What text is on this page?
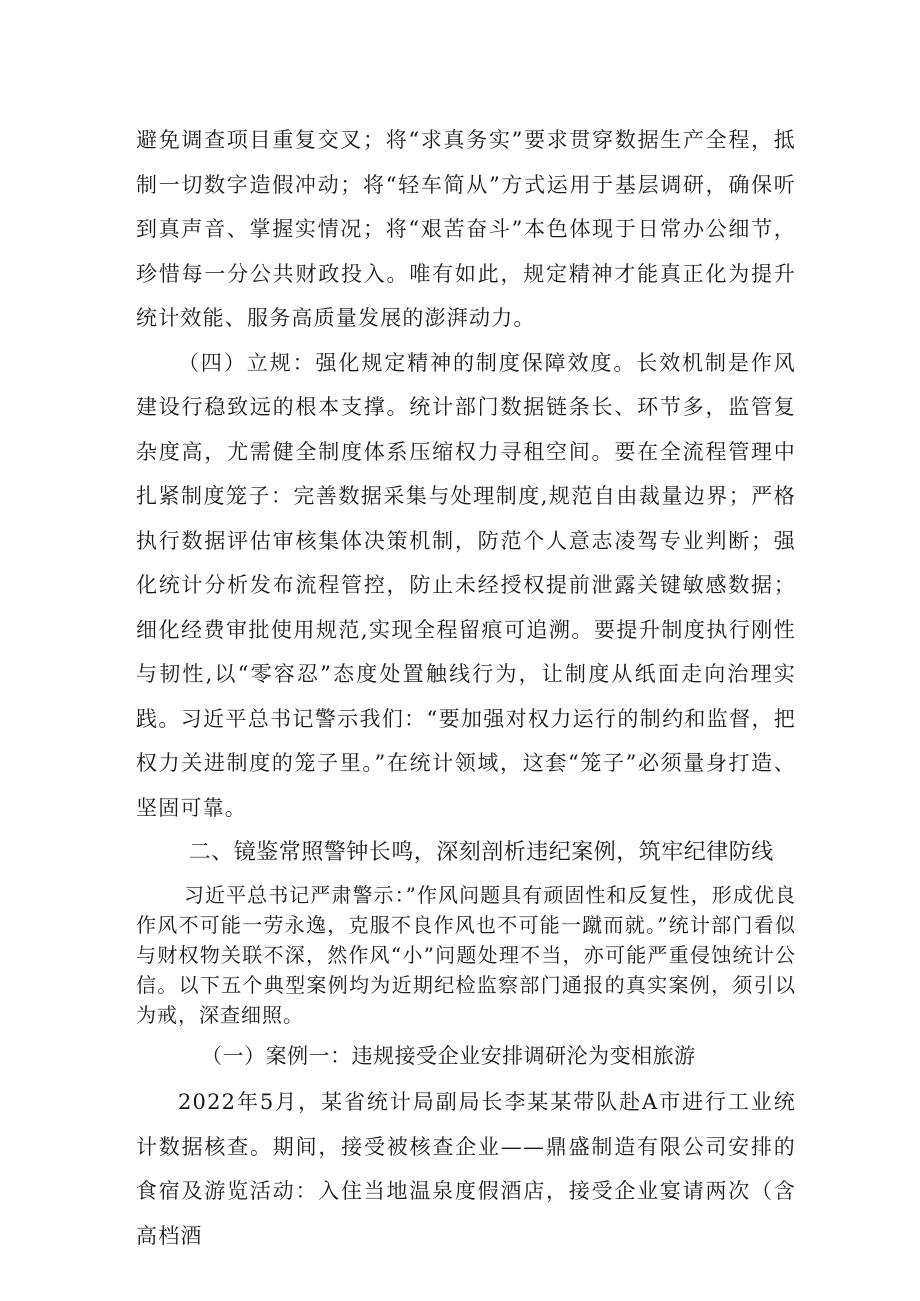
避免调查项目重复交叉；将“求真务实”要求贯穿数据生产全程，抵制一切数字造假冲动；将“轻车简从”方式运用于基层调研，确保听到真声音、掌握实情况；将“艰苦奋斗”本色体现于日常办公细节，珍惜每一分公共财政投入。唯有如此，规定精神才能真正化为提升统计效能、服务高质量发展的澎湃动力。

（四）立规：强化规定精神的制度保障效度。长效机制是作风建设行稳致远的根本支撑。统计部门数据链条长、环节多，监管复杂度高，尤需健全制度体系压缩权力寻租空间。要在全流程管理中扎紧制度笼子：完善数据采集与处理制度,规范自由裁量边界；严格执行数据评估审核集体决策机制，防范个人意志凌驾专业判断；强化统计分析发布流程管控，防止未经授权提前泄露关键敏感数据；细化经费审批使用规范,实现全程留痕可追溯。要提升制度执行刚性与韧性,以“零容忍”态度处置触线行为，让制度从纸面走向治理实践。习近平总书记警示我们：“要加强对权力运行的制约和监督，把权力关进制度的笼子里。”在统计领域，这套“笼子”必须量身打造、坚固可靠。

二、镜鉴常照警钟长鸣，深刻剖析违纪案例，筑牢纪律防线

习近平总书记严肃警示：”作风问题具有顽固性和反复性，形成优良作风不可能一劳永逸，克服不良作风也不可能一蹴而就。”统计部门看似与财权物关联不深，然作风“小”问题处理不当，亦可能严重侵蚀统计公信。以下五个典型案例均为近期纪检监察部门通报的真实案例，须引以为戒，深查细照。

（一）案例一：违规接受企业安排调研沦为变相旅游

2022年5月，某省统计局副局长李某某带队赴A市进行工业统计数据核查。期间，接受被核查企业——鼎盛制造有限公司安排的食宿及游览活动：入住当地温泉度假酒店，接受企业宴请两次（含高档酒
